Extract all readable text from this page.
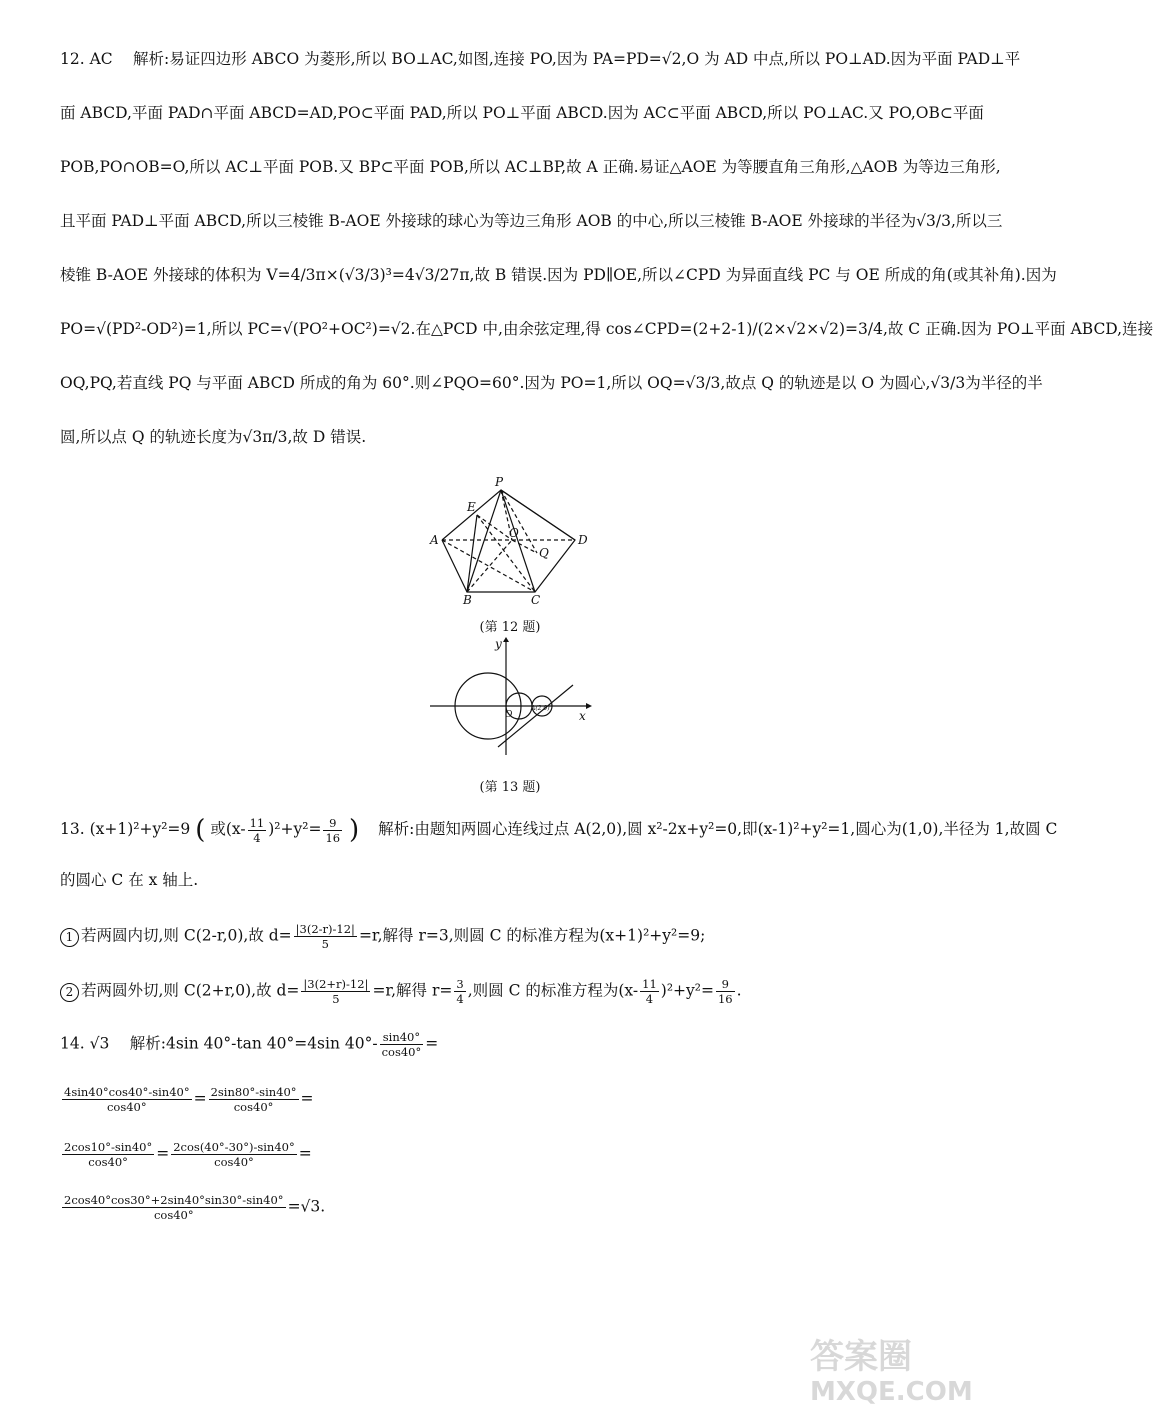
12. AC　 解析:易证四边形 ABCO 为菱形,所以 BO⊥AC,如图,连接 PO,因为 PA=PD=√2,O 为 AD 中点,所以 PO⊥AD.因为平面 PAD⊥平
面 ABCD,平面 PAD∩平面 ABCD=AD,PO⊂平面 PAD,所以 PO⊥平面 ABCD.因为 AC⊂平面 ABCD,所以 PO⊥AC.又 PO,OB⊂平面
POB,PO∩OB=O,所以 AC⊥平面 POB.又 BP⊂平面 POB,所以 AC⊥BP,故 A 正确.易证△AOE 为等腰直角三角形,△AOB 为等边三角形,
且平面 PAD⊥平面 ABCD,所以三棱锥 B-AOE 外接球的球心为等边三角形 AOB 的中心,所以三棱锥 B-AOE 外接球的半径为√3/3,所以三
棱锥 B-AOE 外接球的体积为 V=4/3π×(√3/3)³=4√3/27π,故 B 错误.因为 PD∥OE,所以∠CPD 为异面直线 PC 与 OE 所成的角(或其补角).因为
PO=√(PD²-OD²)=1,所以 PC=√(PO²+OC²)=√2.在△PCD 中,由余弦定理,得 cos∠CPD=(2+2-1)/(2×√2×√2)=3/4,故 C 正确.因为 PO⊥平面 ABCD,连接
OQ,PQ,若直线 PQ 与平面 ABCD 所成的角为 60°.则∠PQO=60°.因为 PO=1,所以 OQ=√3/3,故点 Q 的轨迹是以 O 为圆心,√3/3为半径的半
圆,所以点 Q 的轨迹长度为√3π/3,故 D 错误.
P
E
A	O
Q
D
B	C
(第 12 题)
y
x
O
A(2,0)
(第 13 题)
13. (x+1)²+y²=9 ( 或$(x- \frac{11}{4} )^2+y^2= \frac{9}{16}$ ) 解析:由题知两圆心连线过点 A(2,0),圆 x²-2x+y²=0,即(x-1)²+y²=1,圆心为(1,0),半径为 1,故圆 C
的圆心 C 在 x 轴上.
1 若两圆内切,则 C(2-r,0),故 $d= \frac{|3(2-r)-12|}{5} =r$,解得 r=3,则圆 C 的标准方程为(x+1)²+y²=9;
2 若两圆外切,则 C(2+r,0),故 $d= \frac{|3(2+r)-12|}{5} =r$,解得 $r= \frac{3}{4}$ ,则圆 C 的标准方程为$(x- \frac{11}{4} )^2+y^2= \frac{9}{16}$ .
14. √3　 解析:4sin 40°-tan 40°=4sin $40^\circ- \frac{\sin 40^\circ}{\cos 40^\circ}$ =
$\frac{4\sin 40^\circ\cos 40^\circ-\sin 40^\circ}{\cos 40^\circ} = \frac{2\sin 80^\circ-\sin 40^\circ}{\cos 40^\circ}$ =
$\frac{2\cos 10^\circ-\sin 40^\circ}{\cos 40^\circ} = \frac{2\cos(40^\circ-30^\circ)-\sin 40^\circ}{\cos 40^\circ}$ =
$\frac{2\cos 40^\circ\cos 30^\circ+2\sin 40^\circ\sin 30^\circ-\sin 40^\circ}{\cos 40^\circ} =√3$.
答案圈
MXQE.COM
